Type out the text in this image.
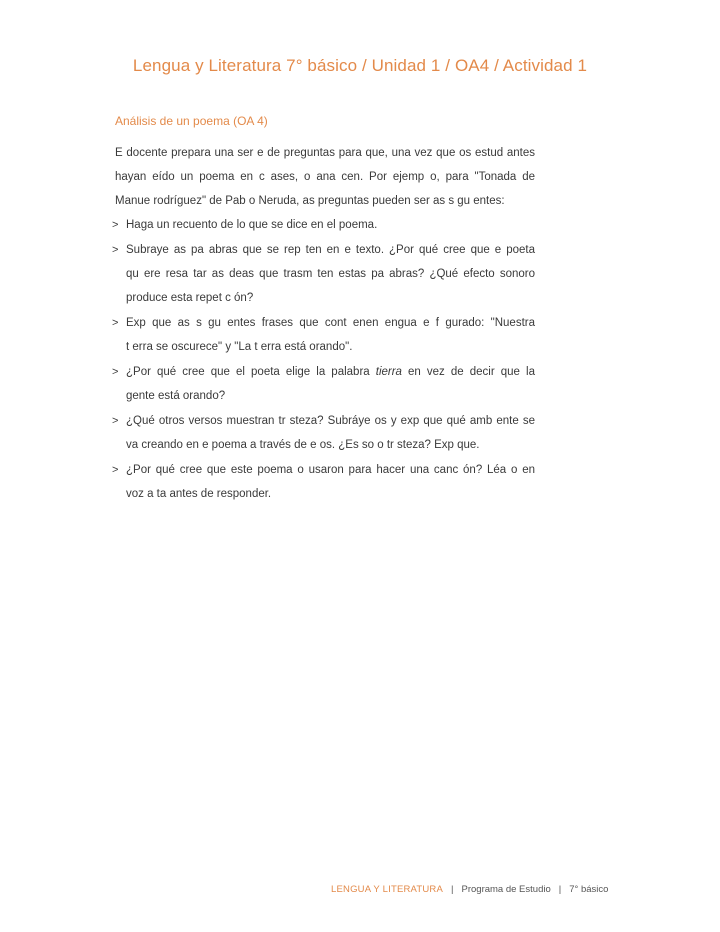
Lengua y Literatura 7° básico / Unidad 1 / OA4 / Actividad 1
Análisis de un poema (OA 4)
E docente prepara una ser e de preguntas para que, una vez que os estud antes
hayan eído un poema en c ases, o ana cen. Por ejemp o, para "Tonada de
Manue rodríguez" de Pab o Neruda, as preguntas pueden ser as s gu entes:
> Haga un recuento de lo que se dice en el poema.
> Subraye as pa abras que se rep ten en e texto. ¿Por qué cree que e poeta
qu ere resa tar as deas que trasm ten estas pa abras? ¿Qué efecto sonoro
produce esta repet c ón?
> Exp que as s gu entes frases que cont enen engua e f gurado: "Nuestra
t erra se oscurece" y "La t erra está orando".
> ¿Por qué cree que el poeta elige la palabra tierra en vez de decir que la
gente está orando?
> ¿Qué otros versos muestran tr steza? Subráye os y exp que qué amb ente se
va creando en e poema a través de e os. ¿Es so o tr steza? Exp que.
> ¿Por qué cree que este poema o usaron para hacer una canc ón? Léa o en
voz a ta antes de responder.
LENGUA Y LITERATURA | Programa de Estudio | 7° básico
